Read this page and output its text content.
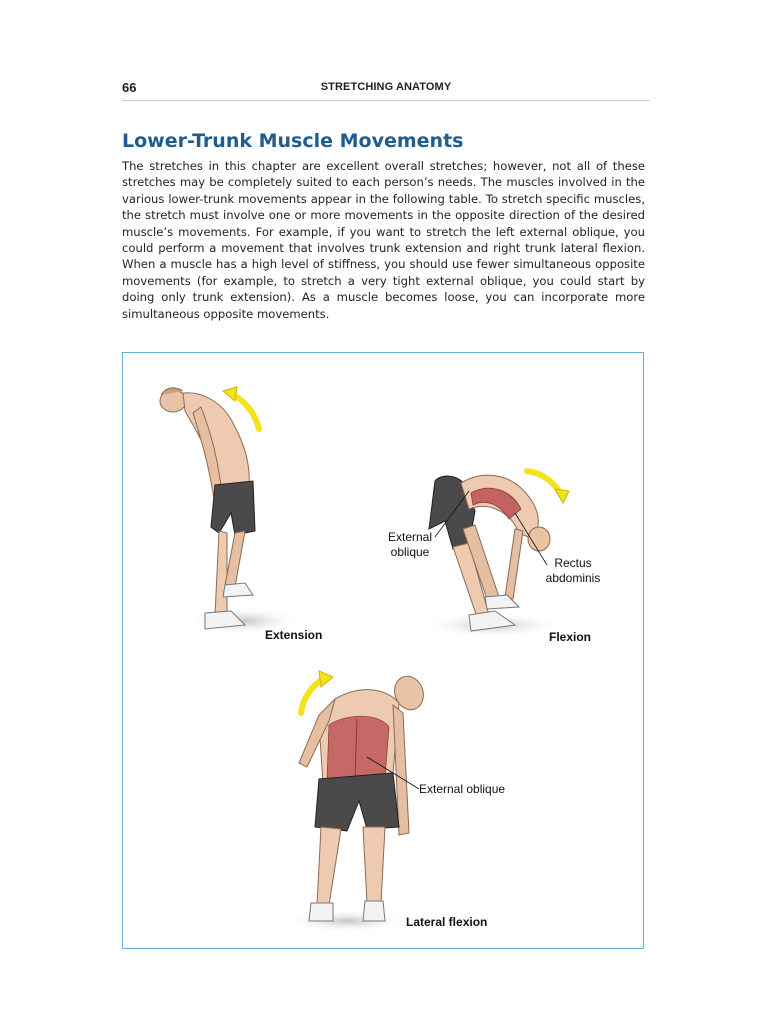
66	STRETCHING ANATOMY
Lower-Trunk Muscle Movements

The stretches in this chapter are excellent overall stretches; however, not all of these stretches may be completely suited to each person’s needs. The muscles involved in the various lower-trunk movements appear in the following table. To stretch specific muscles, the stretch must involve one or more movements in the opposite direction of the desired muscle’s movements. For example, if you want to stretch the left external oblique, you could perform a movement that involves trunk extension and right trunk lateral flexion. When a muscle has a high level of stiffness, you should use fewer simultaneous opposite movements (for example, to stretch a very tight external oblique, you could start by doing only trunk extension). As a muscle becomes loose, you can incorporate more simultaneous opposite movements.

Extension
External
oblique
Rectus
abdominis
Flexion
External oblique
Lateral flexion
